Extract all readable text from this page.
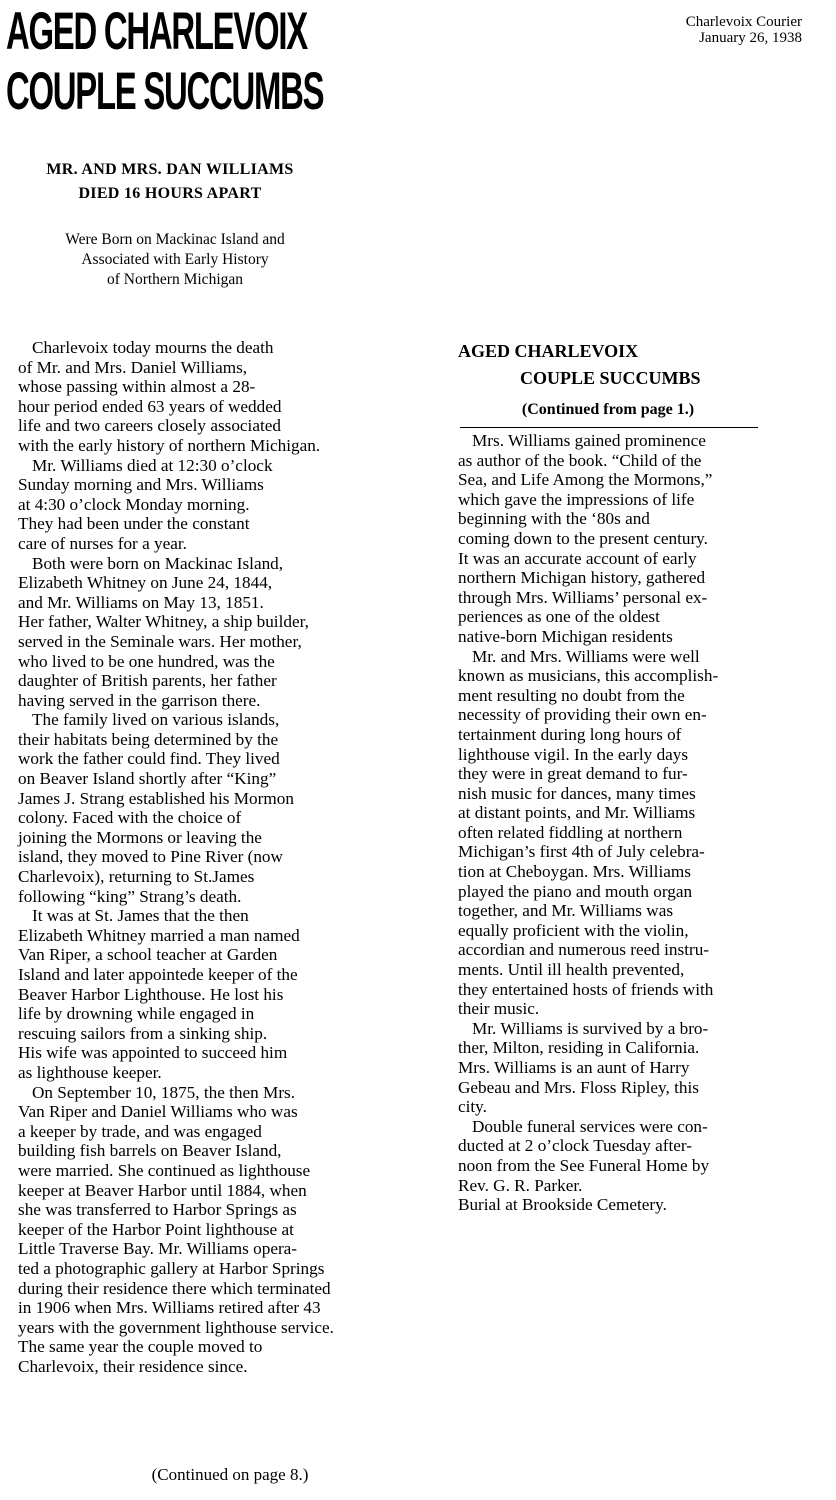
AGED CHARLEVOIX
COUPLE SUCCUMBS
Charlevoix Courier
January 26, 1938
MR. AND MRS. DAN WILLIAMS
DIED 16 HOURS APART
Were Born on Mackinac Island and
Associated with Early History
of Northern Michigan

Charlevoix today mourns the death
of Mr. and Mrs. Daniel Williams,
whose passing within almost a 28-
hour period ended 63 years of wedded
life and two careers closely associated
with the early history of northern Michigan.

Mr. Williams died at 12:30 o’clock
Sunday morning and Mrs. Williams
at 4:30 o’clock Monday morning.
They had been under the constant
care of nurses for a year.

Both were born on Mackinac Island,
Elizabeth Whitney on June 24, 1844,
and Mr. Williams on May 13, 1851.
Her father, Walter Whitney, a ship builder,
served in the Seminale wars. Her mother,
who lived to be one hundred, was the
daughter of British parents, her father
having served in the garrison there.

The family lived on various islands,
their habitats being determined by the
work the father could find. They lived
on Beaver Island shortly after “King”
James J. Strang established his Mormon
colony. Faced with the choice of
joining the Mormons or leaving the
island, they moved to Pine River (now
Charlevoix), returning to St.James
following “king” Strang’s death.

It was at St. James that the then
Elizabeth Whitney married a man named
Van Riper, a school teacher at Garden
Island and later appointede keeper of the
Beaver Harbor Lighthouse. He lost his
life by drowning while engaged in
rescuing sailors from a sinking ship.
His wife was appointed to succeed him
as lighthouse keeper.

On September 10, 1875, the then Mrs.
Van Riper and Daniel Williams who was
a keeper by trade, and was engaged
building fish barrels on Beaver Island,
were married. She continued as lighthouse
keeper at Beaver Harbor until 1884, when
she was transferred to Harbor Springs as
keeper of the Harbor Point lighthouse at
Little Traverse Bay. Mr. Williams opera-
ted a photographic gallery at Harbor Springs
during their residence there which terminated
in 1906 when Mrs. Williams retired after 43
years with the government lighthouse service.
The same year the couple moved to
Charlevoix, their residence since.

(Continued on page 8.)
AGED CHARLEVOIX
COUPLE SUCCUMBS
(Continued from page 1.)

Mrs. Williams gained prominence
as author of the book. “Child of the
Sea, and Life Among the Mormons,”
which gave the impressions of life
beginning with the ‘80s and
coming down to the present century.
It was an accurate account of early
northern Michigan history, gathered
through Mrs. Williams’ personal ex-
periences as one of the oldest
native-born Michigan residents

Mr. and Mrs. Williams were well
known as musicians, this accomplish-
ment resulting no doubt from the
necessity of providing their own en-
tertainment during long hours of
lighthouse vigil. In the early days
they were in great demand to fur-
nish music for dances, many times
at distant points, and Mr. Williams
often related fiddling at northern
Michigan’s first 4th of July celebra-
tion at Cheboygan. Mrs. Williams
played the piano and mouth organ
together, and Mr. Williams was
equally proficient with the violin,
accordian and numerous reed instru-
ments. Until ill health prevented,
they entertained hosts of friends with
their music.

Mr. Williams is survived by a bro-
ther, Milton, residing in California.
Mrs. Williams is an aunt of Harry
Gebeau and Mrs. Floss Ripley, this
city.

Double funeral services were con-
ducted at 2 o’clock Tuesday after-
noon from the See Funeral Home by
Rev. G. R. Parker.

Burial at Brookside Cemetery.
